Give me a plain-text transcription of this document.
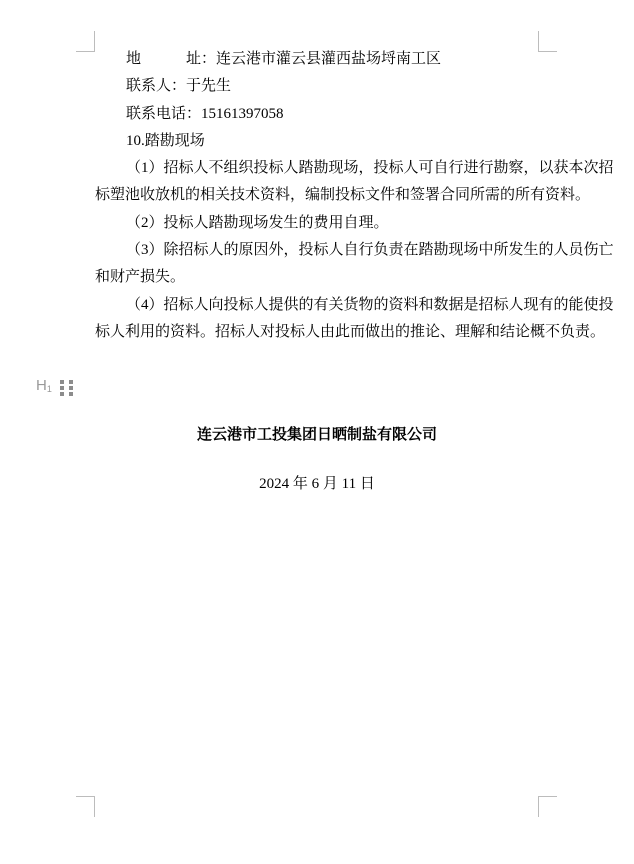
地　　　址：连云港市灌云县灌西盐场埒南工区
联系人：于先生
联系电话：15161397058
10.踏勘现场
（1）招标人不组织投标人踏勘现场，投标人可自行进行勘察，以获本次招
标塑池收放机的相关技术资料，编制投标文件和签署合同所需的所有资料。
（2）投标人踏勘现场发生的费用自理。
（3）除招标人的原因外，投标人自行负责在踏勘现场中所发生的人员伤亡
和财产损失。
（4）招标人向投标人提供的有关货物的资料和数据是招标人现有的能使投
标人利用的资料。招标人对投标人由此而做出的推论、理解和结论概不负责。
H1
连云港市工投集团日晒制盐有限公司
2024 年 6 月 11 日
